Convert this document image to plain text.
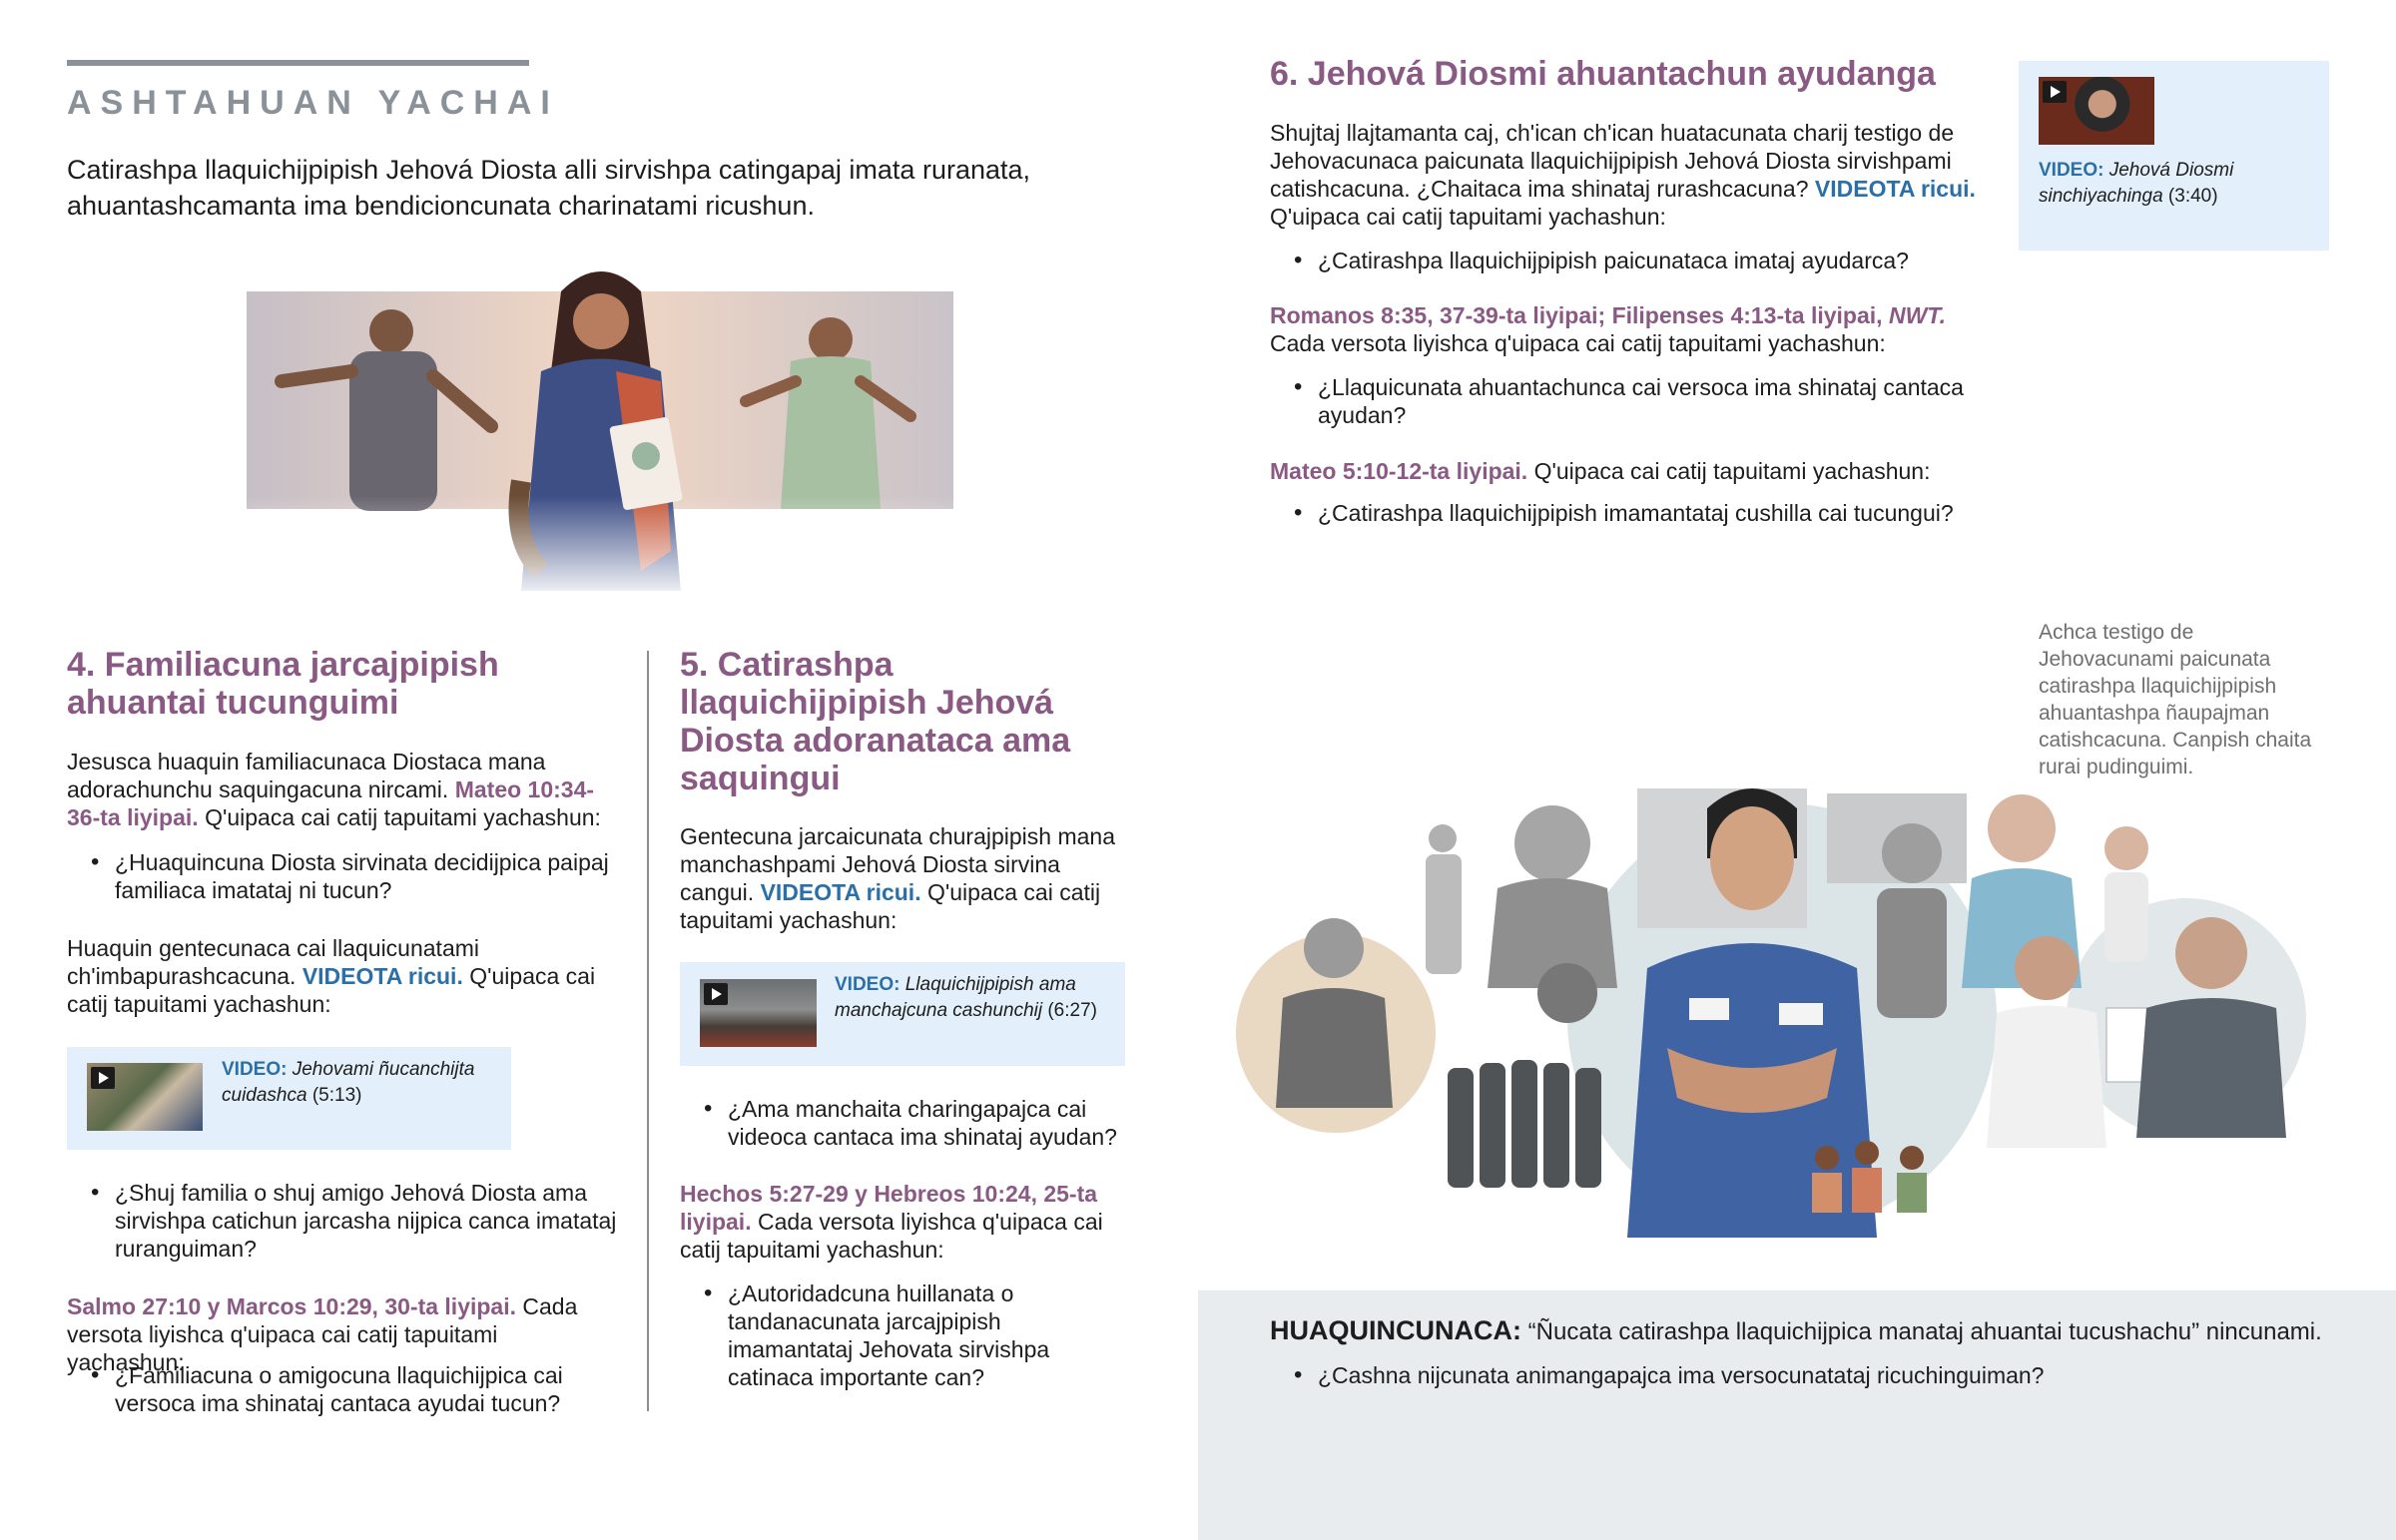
ASHTAHUAN YACHAI

Catirashpa llaquichijpipish Jehová Diosta alli sirvishpa catingapaj imata ruranata, ahuantashcamanta ima bendicioncunata charinatami ricushun.

4. Familiacuna jarcajpipish ahuantai tucunguimi

Jesusca huaquin familiacunaca Diostaca mana adorachunchu saquingacuna nircami. Mateo 10:34-36-ta liyipai. Q'uipaca cai catij tapuitami yachashun:

• ¿Huaquincuna Diosta sirvinata decidijpica paipaj familiaca imatataj ni tucun?

Huaquin gentecunaca cai llaquicunatami ch'imbapurashcacuna. VIDEOTA ricui. Q'uipaca cai catij tapuitami yachashun:

VIDEO: Jehovami ñucanchijta cuidashca (5:13)
• ¿Shuj familia o shuj amigo Jehová Diosta ama sirvishpa catichun jarcasha nijpica canca imatataj ruranguiman?

Salmo 27:10 y Marcos 10:29, 30-ta liyipai. Cada versota liyishca q'uipaca cai catij tapuitami yachashun:

• ¿Familiacuna o amigocuna llaquichijpica cai versoca ima shinataj cantaca ayudai tucun?
5. Catirashpa llaquichijpipish Jehová Diosta adoranataca ama saquingui

Gentecuna jarcaicunata churajpipish mana manchashpami Jehová Diosta sirvina cangui. VIDEOTA ricui. Q'uipaca cai catij tapuitami yachashun:

VIDEO: Llaquichijpipish ama manchajcuna cashunchij (6:27)
• ¿Ama manchaita charingapajca cai videoca cantaca ima shinataj ayudan?

Hechos 5:27-29 y Hebreos 10:24, 25-ta liyipai. Cada versota liyishca q'uipaca cai catij tapuitami yachashun:

• ¿Autoridadcuna huillanata o tandanacunata jarcajpipish imamantataj Jehovata sirvishpa catinaca importante can?
6. Jehová Diosmi ahuantachun ayudanga

Shujtaj llajtamanta caj, ch'ican ch'ican huatacunata charij testigo de Jehovacunaca paicunata llaquichijpipish Jehová Diosta sirvishpami catishcacuna. ¿Chaitaca ima shinataj rurashcacuna? VIDEOTA ricui. Q'uipaca cai catij tapuitami yachashun:

• ¿Catirashpa llaquichijpipish paicunataca imataj ayudarca?

Romanos 8:35, 37-39-ta liyipai; Filipenses 4:13-ta liyipai, NWT.
Cada versota liyishca q'uipaca cai catij tapuitami yachashun:

• ¿Llaquicunata ahuantachunca cai versoca ima shinataj cantaca ayudan?

Mateo 5:10-12-ta liyipai. Q'uipaca cai catij tapuitami yachashun:

• ¿Catirashpa llaquichijpipish imamantataj cushilla cai tucungui?
VIDEO: Jehová Diosmi sinchiyachinga (3:40)

Achca testigo de Jehovacunami paicunata catirashpa llaquichijpipish ahuantashpa ñaupajman catishcacuna. Canpish chaita rurai pudinguimi.

HUAQUINCUNACA: “Ñucata catirashpa llaquichijpica manataj ahuantai tucushachu” nincunami.

• ¿Cashna nijcunata animangapajca ima versocunatataj ricuchinguiman?
